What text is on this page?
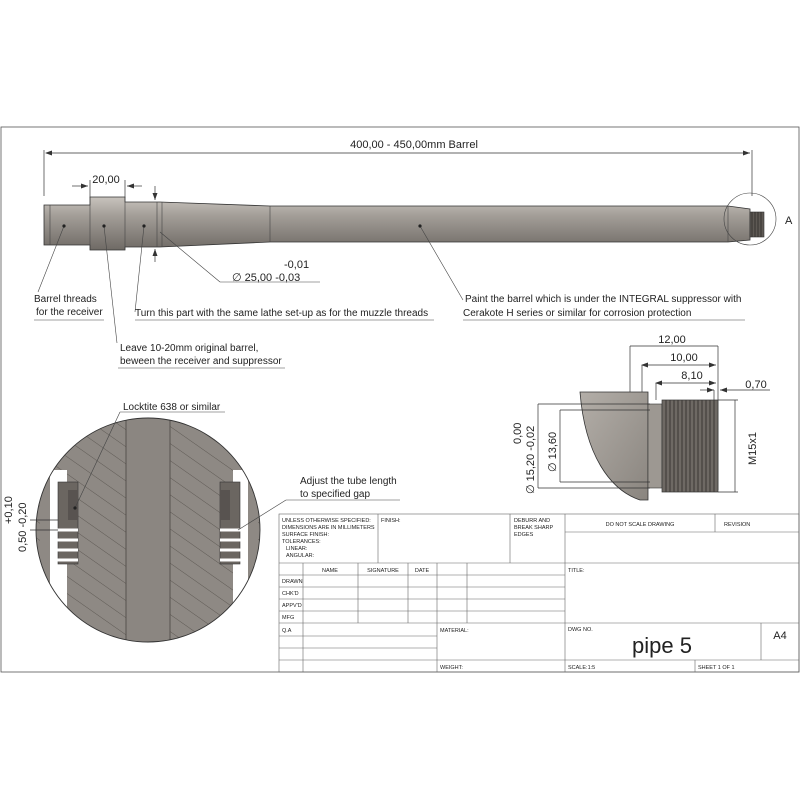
400,00 - 450,00mm Barrel
20,00
A
-0,01
∅ 25,00 -0,03
Barrel threads
for the receiver	Turn this part with the same lathe set-up as for the muzzle threads
Paint the barrel which is under the INTEGRAL suppressor with
Cerakote H series or similar for corrosion protection
Leave 10-20mm original barrel,
beween the receiver and suppressor
12,00
10,00
8,10
0,70
∅ 15,20 -0,02
0,00 ∅ 13,60	M15x1
Locktite 638 or similar
Adjust the tube length
to specified gap
+0,10 0,50 -0,20	UNLESS OTHERWISE SPECIFIED:
DIMENSIONS ARE IN MILLIMETERS
SURFACE FINISH:
TOLERANCES:
LINEAR:
ANGULAR:
FINISH:	DEBURR AND
BREAK SHARP
EDGES
DO NOT SCALE DRAWING	REVISION
NAME	SIGNATURE	DATE
DRAWN
CHK'D
APPV'D
MFG
Q.A
TITLE:
MATERIAL:	DWG NO.
pipe 5	A4
WEIGHT:	SCALE:1:5	SHEET 1 OF 1
